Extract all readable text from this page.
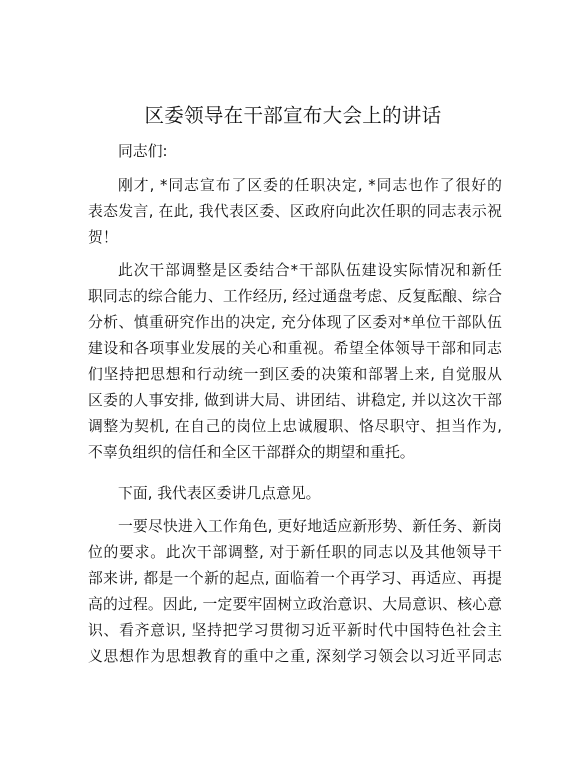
区委领导在干部宣布大会上的讲话
同志们:
刚才, *同志宣布了区委的任职决定, *同志也作了很好的
表态发言, 在此, 我代表区委、区政府向此次任职的同志表示祝
贺！
此次干部调整是区委结合*干部队伍建设实际情况和新任
职同志的综合能力、工作经历, 经过通盘考虑、反复酝酿、综合
分析、慎重研究作出的决定, 充分体现了区委对*单位干部队伍
建设和各项事业发展的关心和重视。希望全体领导干部和同志
们坚持把思想和行动统一到区委的决策和部署上来, 自觉服从
区委的人事安排, 做到讲大局、讲团结、讲稳定, 并以这次干部
调整为契机, 在自己的岗位上忠诚履职、恪尽职守、担当作为,
不辜负组织的信任和全区干部群众的期望和重托。
下面, 我代表区委讲几点意见。
一要尽快进入工作角色, 更好地适应新形势、新任务、新岗
位的要求。此次干部调整, 对于新任职的同志以及其他领导干
部来讲, 都是一个新的起点, 面临着一个再学习、再适应、再提
高的过程。因此, 一定要牢固树立政治意识、大局意识、核心意
识、看齐意识, 坚持把学习贯彻习近平新时代中国特色社会主
义思想作为思想教育的重中之重, 深刻学习领会以习近平同志
